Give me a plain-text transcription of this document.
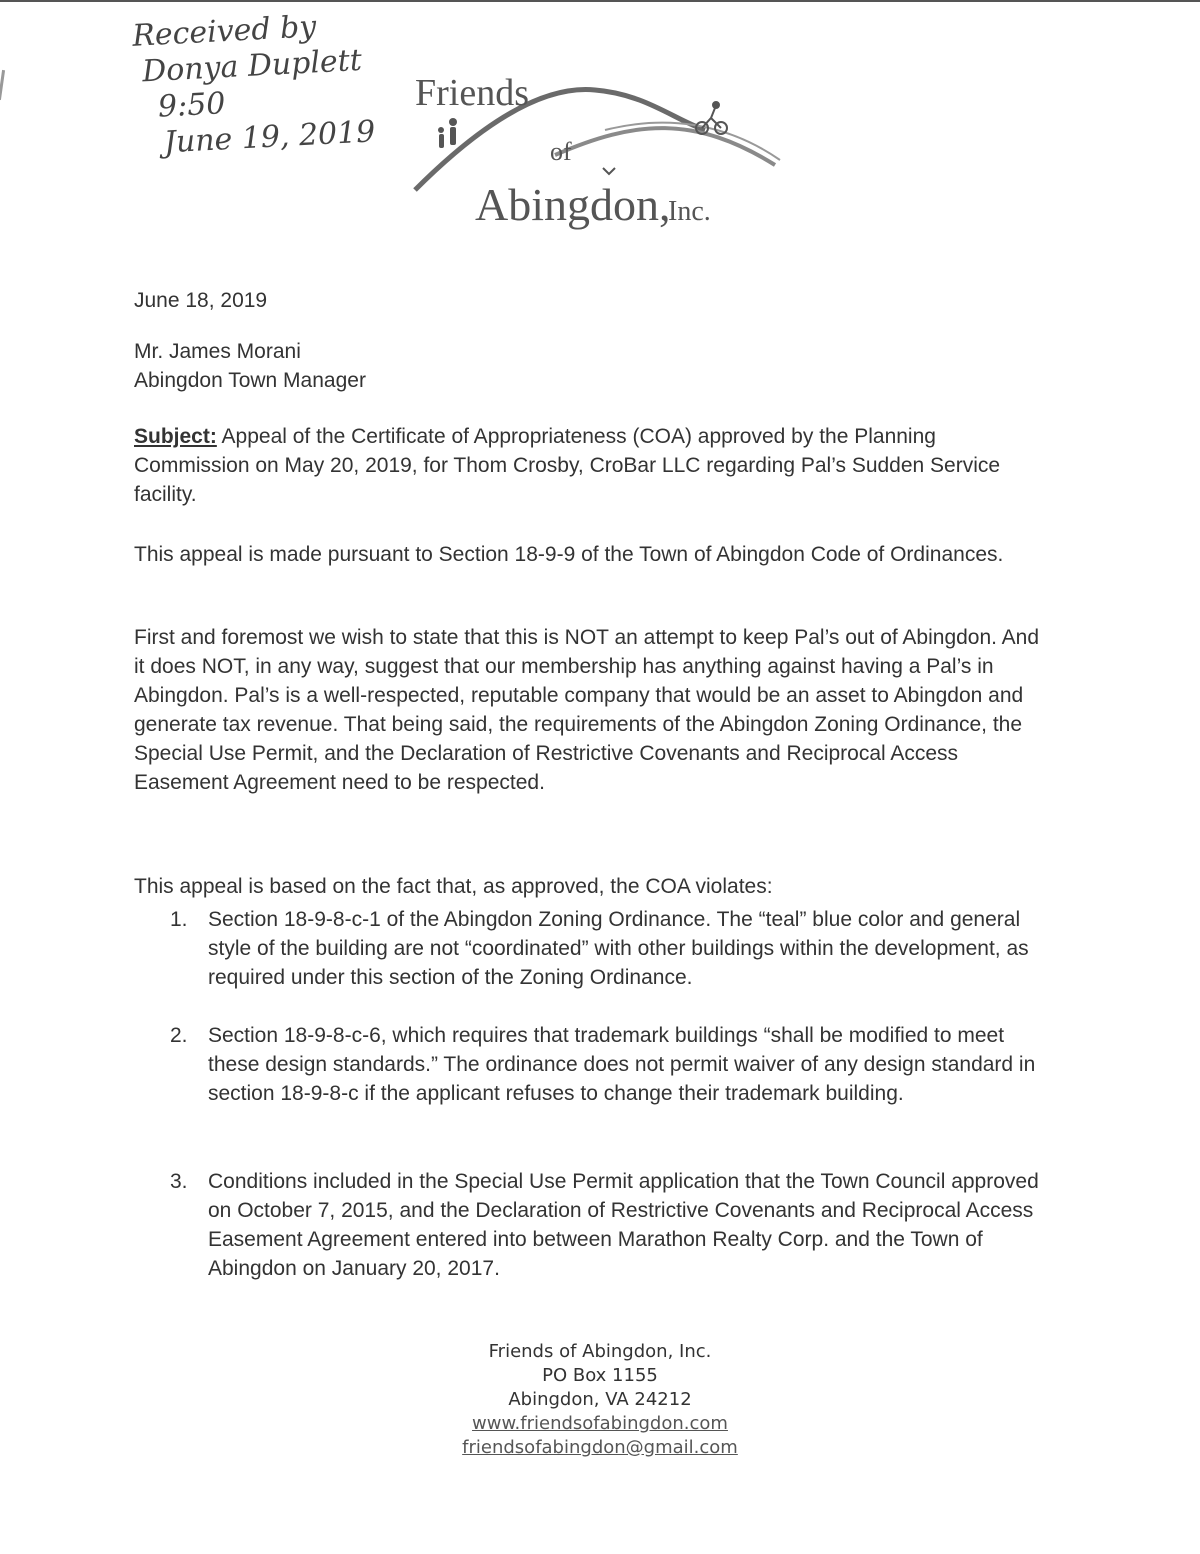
Received by
Donya Duplett
9:50
June 19, 2019
Friends
of
Abingdon,
Inc.
June 18, 2019
Mr. James Morani
Abingdon Town Manager
Subject: Appeal of the Certificate of Appropriateness (COA) approved by the Planning Commission on May 20, 2019, for Thom Crosby, CroBar LLC regarding Pal’s Sudden Service facility.
This appeal is made pursuant to Section 18-9-9 of the Town of Abingdon Code of Ordinances.
First and foremost we wish to state that this is NOT an attempt to keep Pal’s out of Abingdon. And it does NOT, in any way, suggest that our membership has anything against having a Pal’s in Abingdon. Pal’s is a well-respected, reputable company that would be an asset to Abingdon and generate tax revenue. That being said, the requirements of the Abingdon Zoning Ordinance, the Special Use Permit, and the Declaration of Restrictive Covenants and Reciprocal Access Easement Agreement need to be respected.
This appeal is based on the fact that, as approved, the COA violates:
1. Section 18-9-8-c-1 of the Abingdon Zoning Ordinance. The “teal” blue color and general style of the building are not “coordinated” with other buildings within the development, as required under this section of the Zoning Ordinance.
2. Section 18-9-8-c-6, which requires that trademark buildings “shall be modified to meet these design standards.” The ordinance does not permit waiver of any design standard in section 18-9-8-c if the applicant refuses to change their trademark building.
3. Conditions included in the Special Use Permit application that the Town Council approved on October 7, 2015, and the Declaration of Restrictive Covenants and Reciprocal Access Easement Agreement entered into between Marathon Realty Corp. and the Town of Abingdon on January 20, 2017.
Friends of Abingdon, Inc.
PO Box 1155
Abingdon, VA 24212
www.friendsofabingdon.com
friendsofabingdon@gmail.com
